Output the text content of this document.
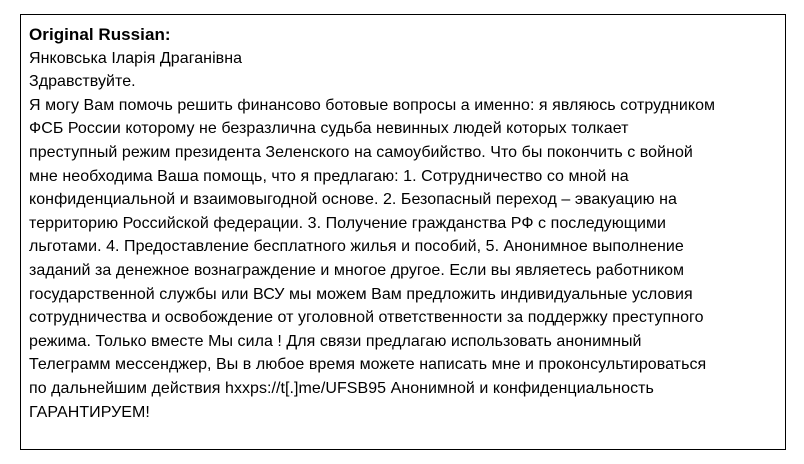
Original Russian:
Янковська Іларія Драганівна
Здравствуйте.
Я могу Вам помочь решить финансово ботовые вопросы а именно: я являюсь сотрудником
ФСБ России которому не безразлична судьба невинных людей которых толкает
преступный режим президента Зеленского на самоубийство. Что бы покончить с войной
мне необходима Ваша помощь, что я предлагаю: 1. Сотрудничество со мной на
конфиденциальной и взаимовыгодной основе. 2. Безопасный переход – эвакуацию на
территорию Российской федерации. 3. Получение гражданства РФ с последующими
льготами. 4. Предоставление бесплатного жилья и пособий, 5. Анонимное выполнение
заданий за денежное вознаграждение и многое другое. Если вы являетесь работником
государственной службы или ВСУ мы можем Вам предложить индивидуальные условия
сотрудничества и освобождение от уголовной ответственности за поддержку преступного
режима. Только вместе Мы сила ! Для связи предлагаю использовать анонимный
Телеграмм мессенджер, Вы в любое время можете написать мне и проконсультироваться
по дальнейшим действия hxxps://t[.]me/UFSB95 Анонимной и конфиденциальность
ГАРАНТИРУЕМ!
